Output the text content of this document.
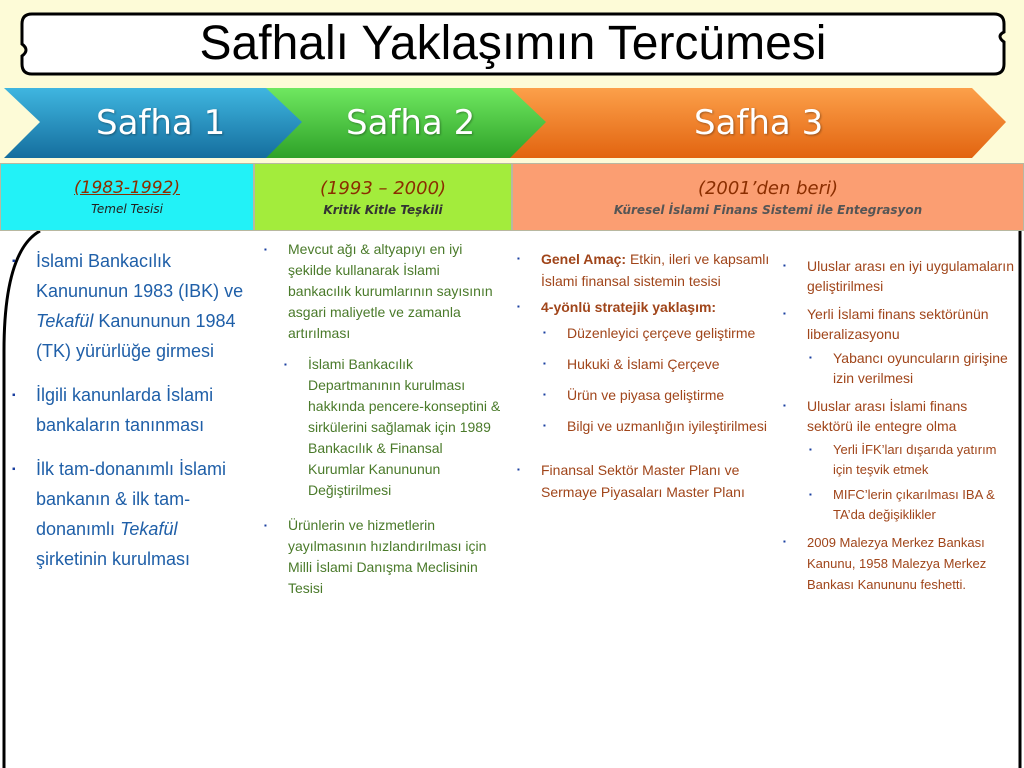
Safhalı Yaklaşımın Tercümesi
Safha 1	Safha 2	Safha 3
(1983-1992)
Temel Tesisi
(1993 – 2000)
Kritik Kitle Teşkili
(2001’den beri)
Küresel İslami Finans Sistemi ile Entegrasyon
▪ İslami Bankacılık Kanununun 1983 (IBK) ve Tekafül Kanununun 1984 (TK) yürürlüğe girmesi
▪ İlgili kanunlarda İslami bankaların tanınması
▪ İlk tam-donanımlı İslami bankanın & ilk tam-donanımlı Tekafül şirketinin kurulması
▪ Mevcut ağı & altyapıyı en iyi şekilde kullanarak İslami bankacılık kurumlarının sayısının asgari maliyetle ve zamanla artırılması
▪ İslami Bankacılık Departmanının kurulması hakkında pencere-konseptini & sirkülerini sağlamak için 1989 Bankacılık & Finansal Kurumlar Kanununun Değiştirilmesi
▪ Ürünlerin ve hizmetlerin yayılmasının hızlandırılması için Milli İslami Danışma Meclisinin Tesisi
▪ Genel Amaç: Etkin, ileri ve kapsamlı İslami finansal sistemin tesisi
▪ 4-yönlü stratejik yaklaşım:
▪ Düzenleyici çerçeve geliştirme
▪ Hukuki & İslami Çerçeve
▪ Ürün ve piyasa geliştirme
▪ Bilgi ve uzmanlığın iyileştirilmesi
▪ Finansal Sektör Master Planı ve Sermaye Piyasaları Master Planı
▪ Uluslar arası en iyi uygulamaların geliştirilmesi
▪ Yerli İslami finans sektörünün liberalizasyonu
▪ Yabancı oyuncuların girişine izin verilmesi
▪ Uluslar arası İslami finans sektörü ile entegre olma
▪ Yerli İFK’ları dışarıda yatırım için teşvik etmek
▪ MIFC’lerin çıkarılması IBA & TA’da değişiklikler
▪ 2009 Malezya Merkez Bankası Kanunu, 1958 Malezya Merkez Bankası Kanununu feshetti.
